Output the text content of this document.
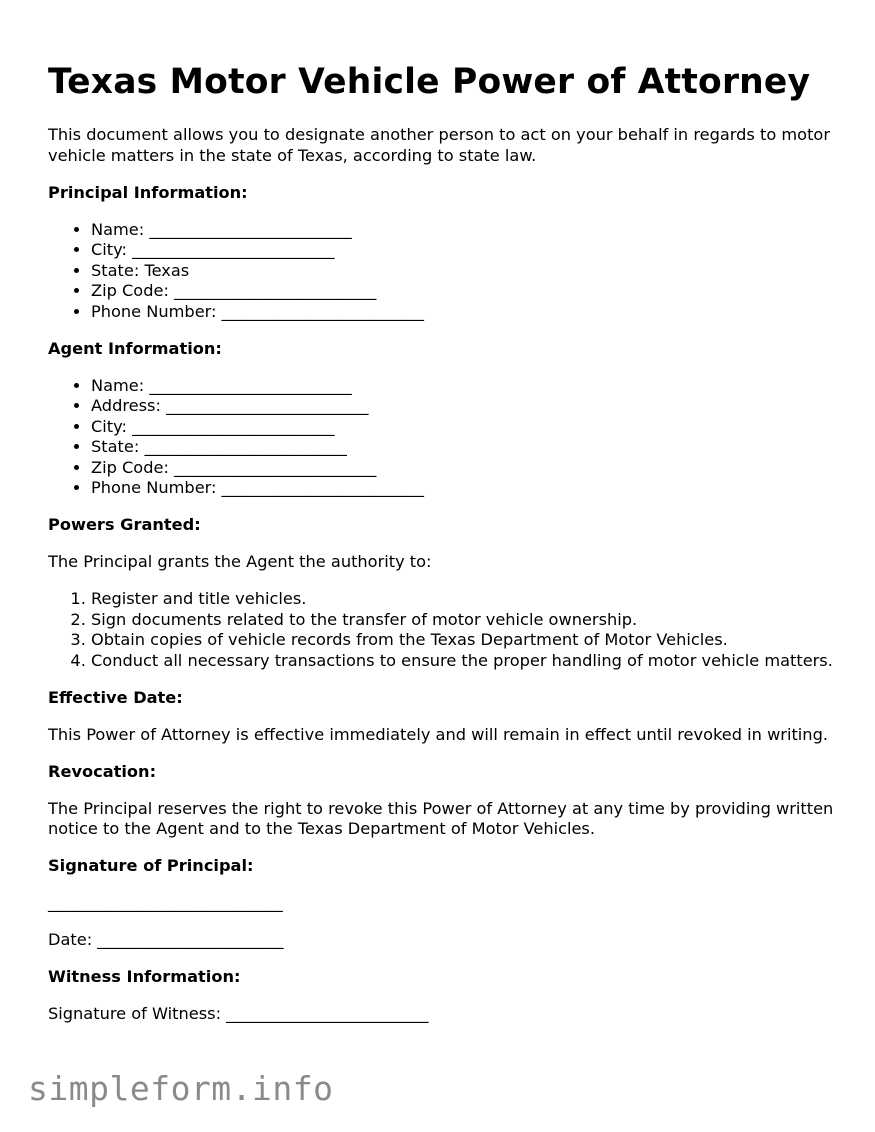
Texas Motor Vehicle Power of Attorney

This document allows you to designate another person to act on your behalf in regards to motor vehicle matters in the state of Texas, according to state law.

Principal Information:
• Name: _________________________
• City: _________________________
• State: Texas
• Zip Code: _________________________
• Phone Number: _________________________
Agent Information:
• Name: _________________________
• Address: _________________________
• City: _________________________
• State: _________________________
• Zip Code: _________________________
• Phone Number: _________________________
Powers Granted:

The Principal grants the Agent the authority to:

1. Register and title vehicles.
2. Sign documents related to the transfer of motor vehicle ownership.
3. Obtain copies of vehicle records from the Texas Department of Motor Vehicles.
4. Conduct all necessary transactions to ensure the proper handling of motor vehicle matters.
Effective Date:

This Power of Attorney is effective immediately and will remain in effect until revoked in writing.

Revocation:

The Principal reserves the right to revoke this Power of Attorney at any time by providing written notice to the Agent and to the Texas Department of Motor Vehicles.

Signature of Principal:
_____________________________
Date: _______________________
Witness Information:
Signature of Witness: _________________________
simpleform.info
